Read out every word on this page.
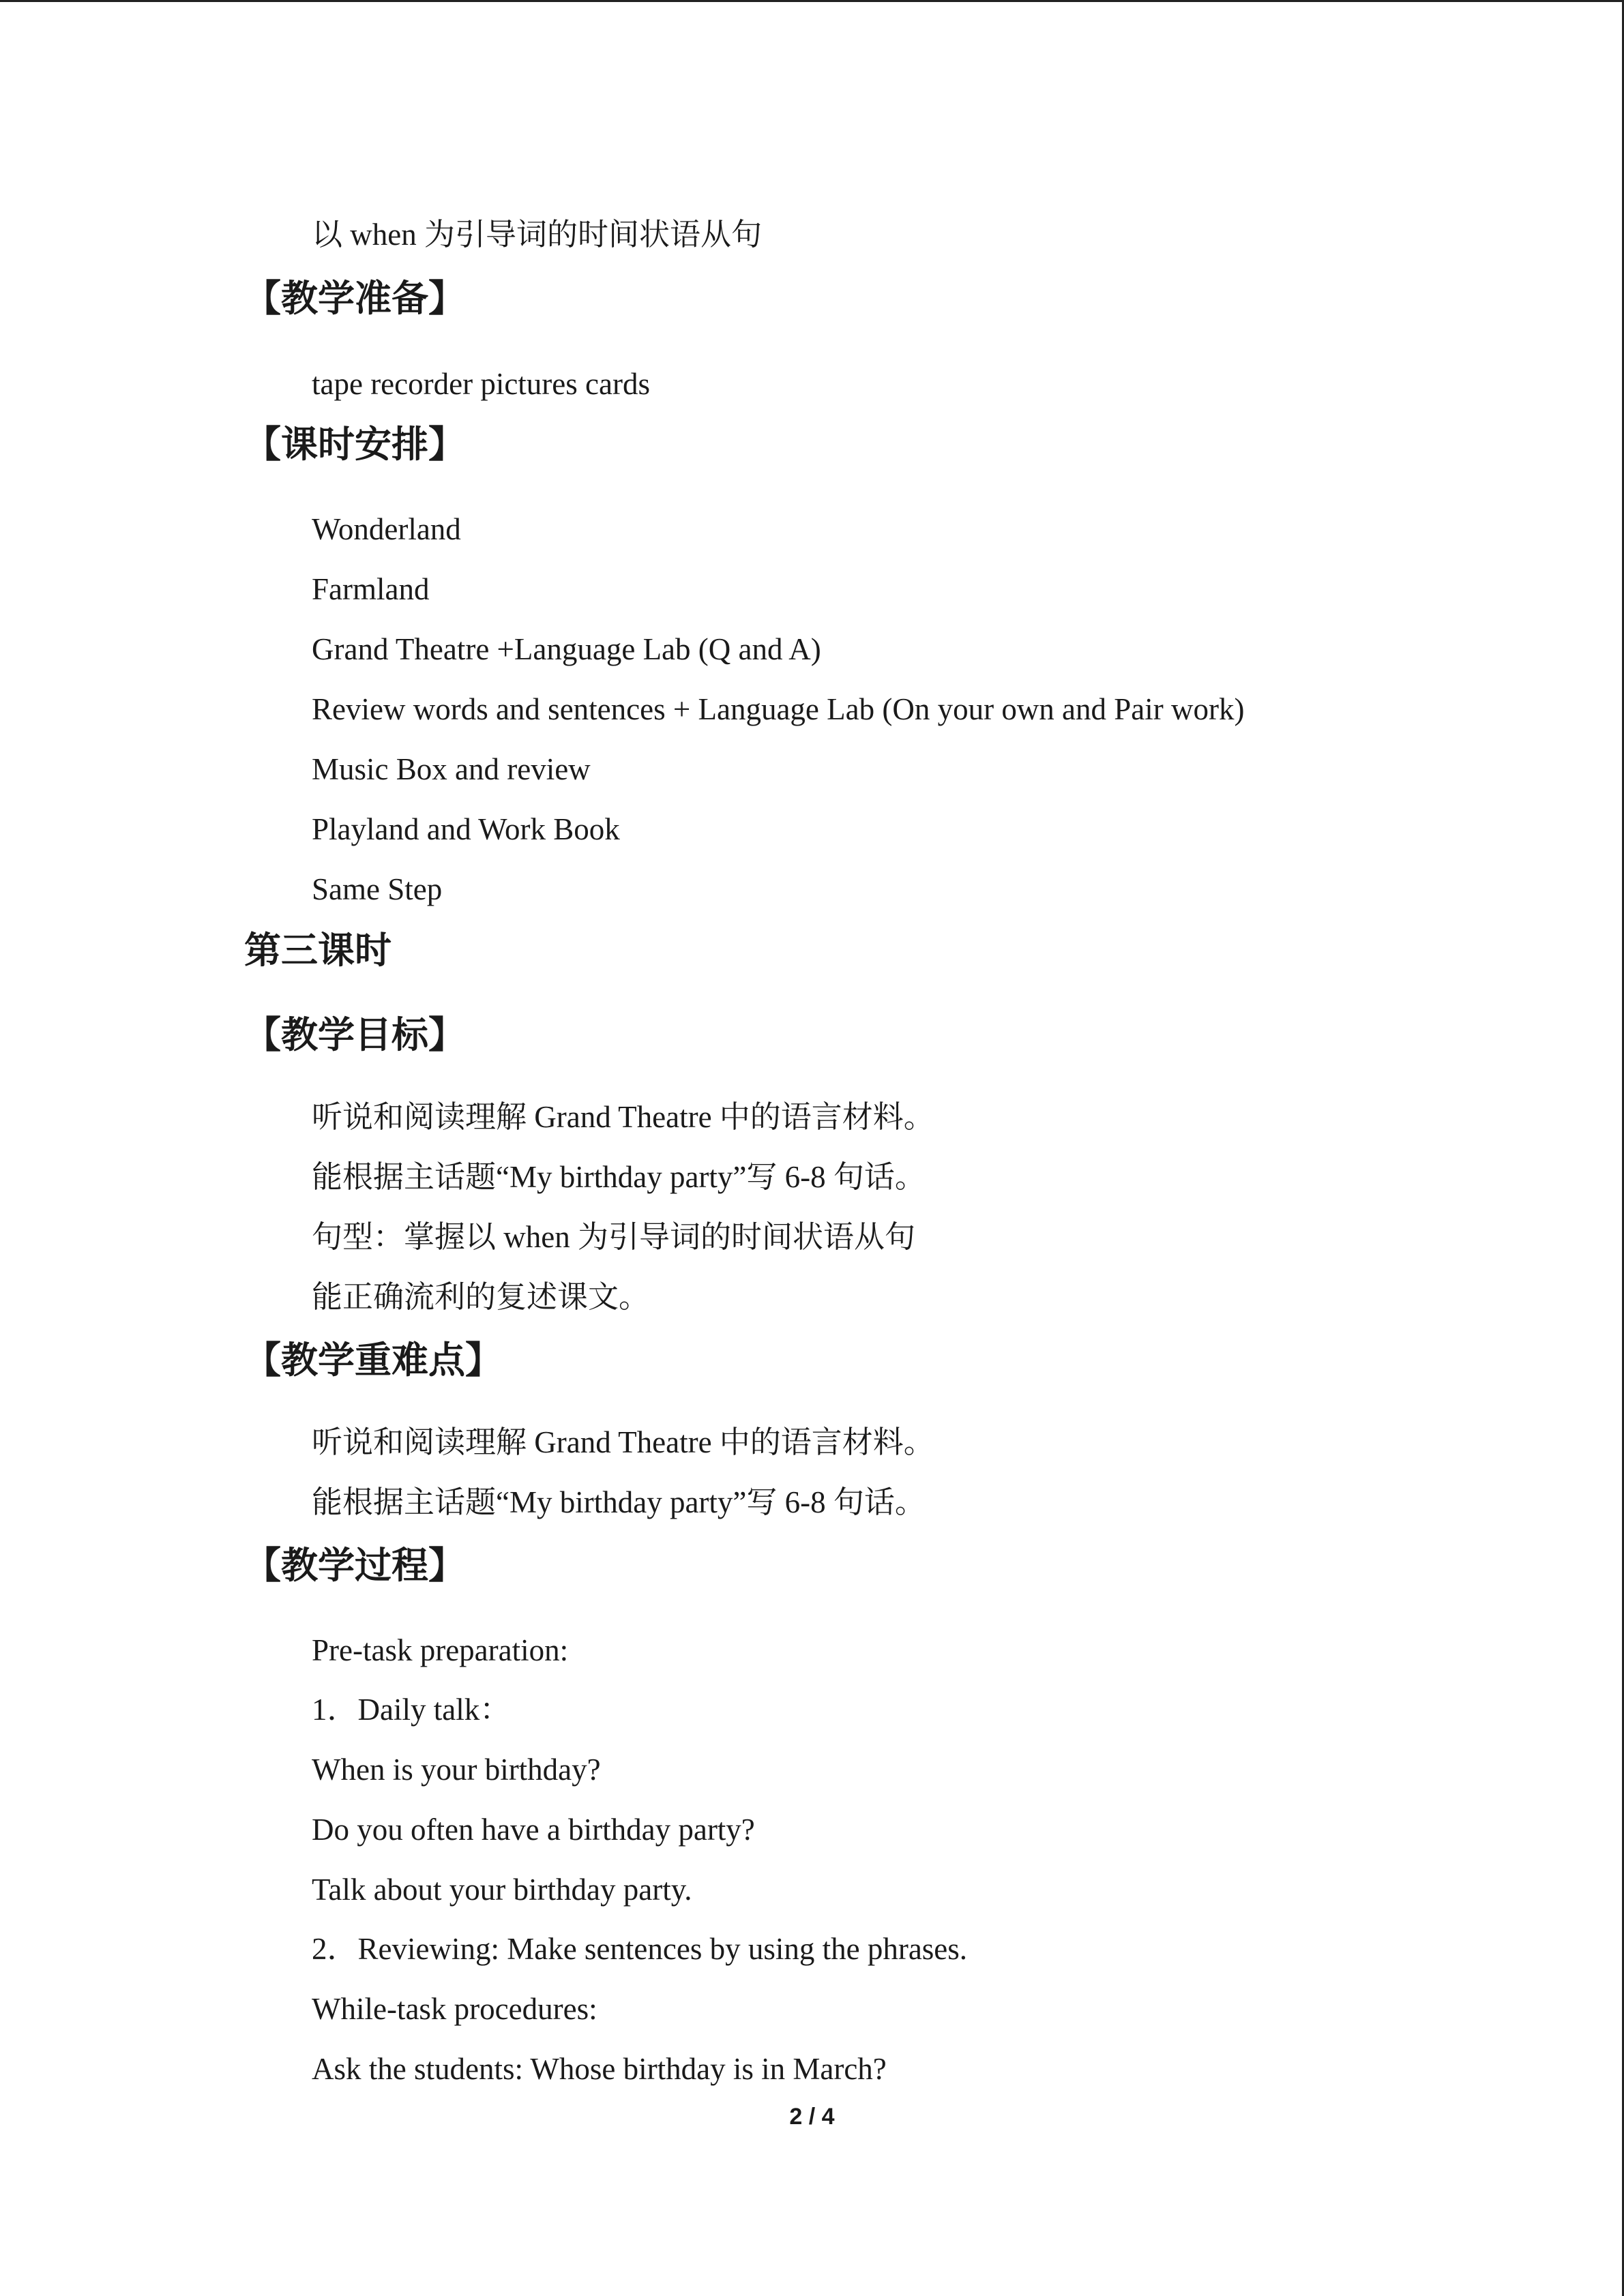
以 when 为引导词的时间状语从句
【教学准备】
tape recorder pictures cards
【课时安排】
Wonderland
Farmland
Grand Theatre +Language Lab (Q and A)
Review words and sentences + Language Lab (On your own and Pair work)
Music Box and review
Playland and Work Book
Same Step
第三课时
【教学目标】
听说和阅读理解 Grand Theatre 中的语言材料。
能根据主话题“My birthday party”写 6-8 句话。
句型：掌握以 when 为引导词的时间状语从句
能正确流利的复述课文。
【教学重难点】
听说和阅读理解 Grand Theatre 中的语言材料。
能根据主话题“My birthday party”写 6-8 句话。
【教学过程】
Pre-task preparation:
1．Daily talk：
When is your birthday?
Do you often have a birthday party?
Talk about your birthday party.
2．Reviewing: Make sentences by using the phrases.
While-task procedures:
Ask the students: Whose birthday is in March?
2 / 4
